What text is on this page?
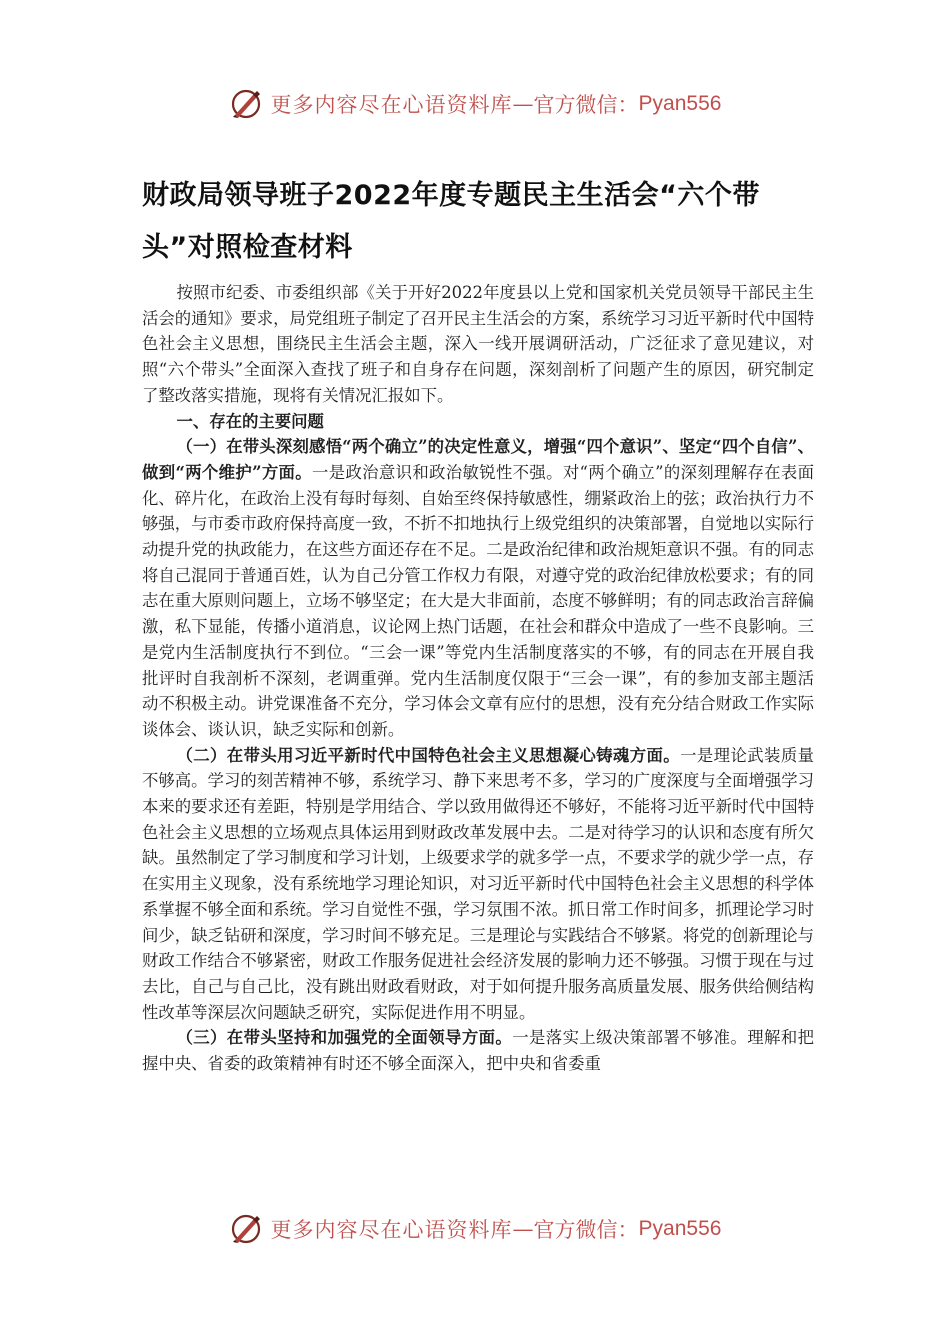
更多内容尽在心语资料库 — 官方微信： Pyan556
财政局领导班子2022年度专题民主生活会“六个带头”对照检查材料

按照市纪委、市委组织部《关于开好2022年度县以上党和国家机关党员领导干部民主生活会的通知》要求，局党组班子制定了召开民主生活会的方案，系统学习习近平新时代中国特色社会主义思想，围绕民主生活会主题，深入一线开展调研活动，广泛征求了意见建议，对照“六个带头”全面深入查找了班子和自身存在问题，深刻剖析了问题产生的原因，研究制定了整改落实措施，现将有关情况汇报如下。

一、存在的主要问题

（一）在带头深刻感悟“两个确立”的决定性意义，增强“四个意识”、坚定“四个自信”、做到“两个维护”方面。一是政治意识和政治敏锐性不强。对“两个确立”的深刻理解存在表面化、碎片化，在政治上没有每时每刻、自始至终保持敏感性，绷紧政治上的弦；政治执行力不够强，与市委市政府保持高度一致，不折不扣地执行上级党组织的决策部署，自觉地以实际行动提升党的执政能力，在这些方面还存在不足。二是政治纪律和政治规矩意识不强。有的同志将自己混同于普通百姓，认为自己分管工作权力有限，对遵守党的政治纪律放松要求；有的同志在重大原则问题上，立场不够坚定；在大是大非面前，态度不够鲜明；有的同志政治言辞偏激，私下显能，传播小道消息，议论网上热门话题，在社会和群众中造成了一些不良影响。三是党内生活制度执行不到位。“三会一课”等党内生活制度落实的不够，有的同志在开展自我批评时自我剖析不深刻，老调重弹。党内生活制度仅限于“三会一课”，有的参加支部主题活动不积极主动。讲党课准备不充分，学习体会文章有应付的思想，没有充分结合财政工作实际谈体会、谈认识，缺乏实际和创新。

（二）在带头用习近平新时代中国特色社会主义思想凝心铸魂方面。一是理论武装质量不够高。学习的刻苦精神不够，系统学习、静下来思考不多，学习的广度深度与全面增强学习本来的要求还有差距，特别是学用结合、学以致用做得还不够好，不能将习近平新时代中国特色社会主义思想的立场观点具体运用到财政改革发展中去。二是对待学习的认识和态度有所欠缺。虽然制定了学习制度和学习计划，上级要求学的就多学一点，不要求学的就少学一点，存在实用主义现象，没有系统地学习理论知识，对习近平新时代中国特色社会主义思想的科学体系掌握不够全面和系统。学习自觉性不强，学习氛围不浓。抓日常工作时间多，抓理论学习时间少，缺乏钻研和深度，学习时间不够充足。三是理论与实践结合不够紧。将党的创新理论与财政工作结合不够紧密，财政工作服务促进社会经济发展的影响力还不够强。习惯于现在与过去比，自己与自己比，没有跳出财政看财政，对于如何提升服务高质量发展、服务供给侧结构性改革等深层次问题缺乏研究，实际促进作用不明显。

（三）在带头坚持和加强党的全面领导方面。一是落实上级决策部署不够准。理解和把握中央、省委的政策精神有时还不够全面深入，把中央和省委重

更多内容尽在心语资料库 — 官方微信： Pyan556
